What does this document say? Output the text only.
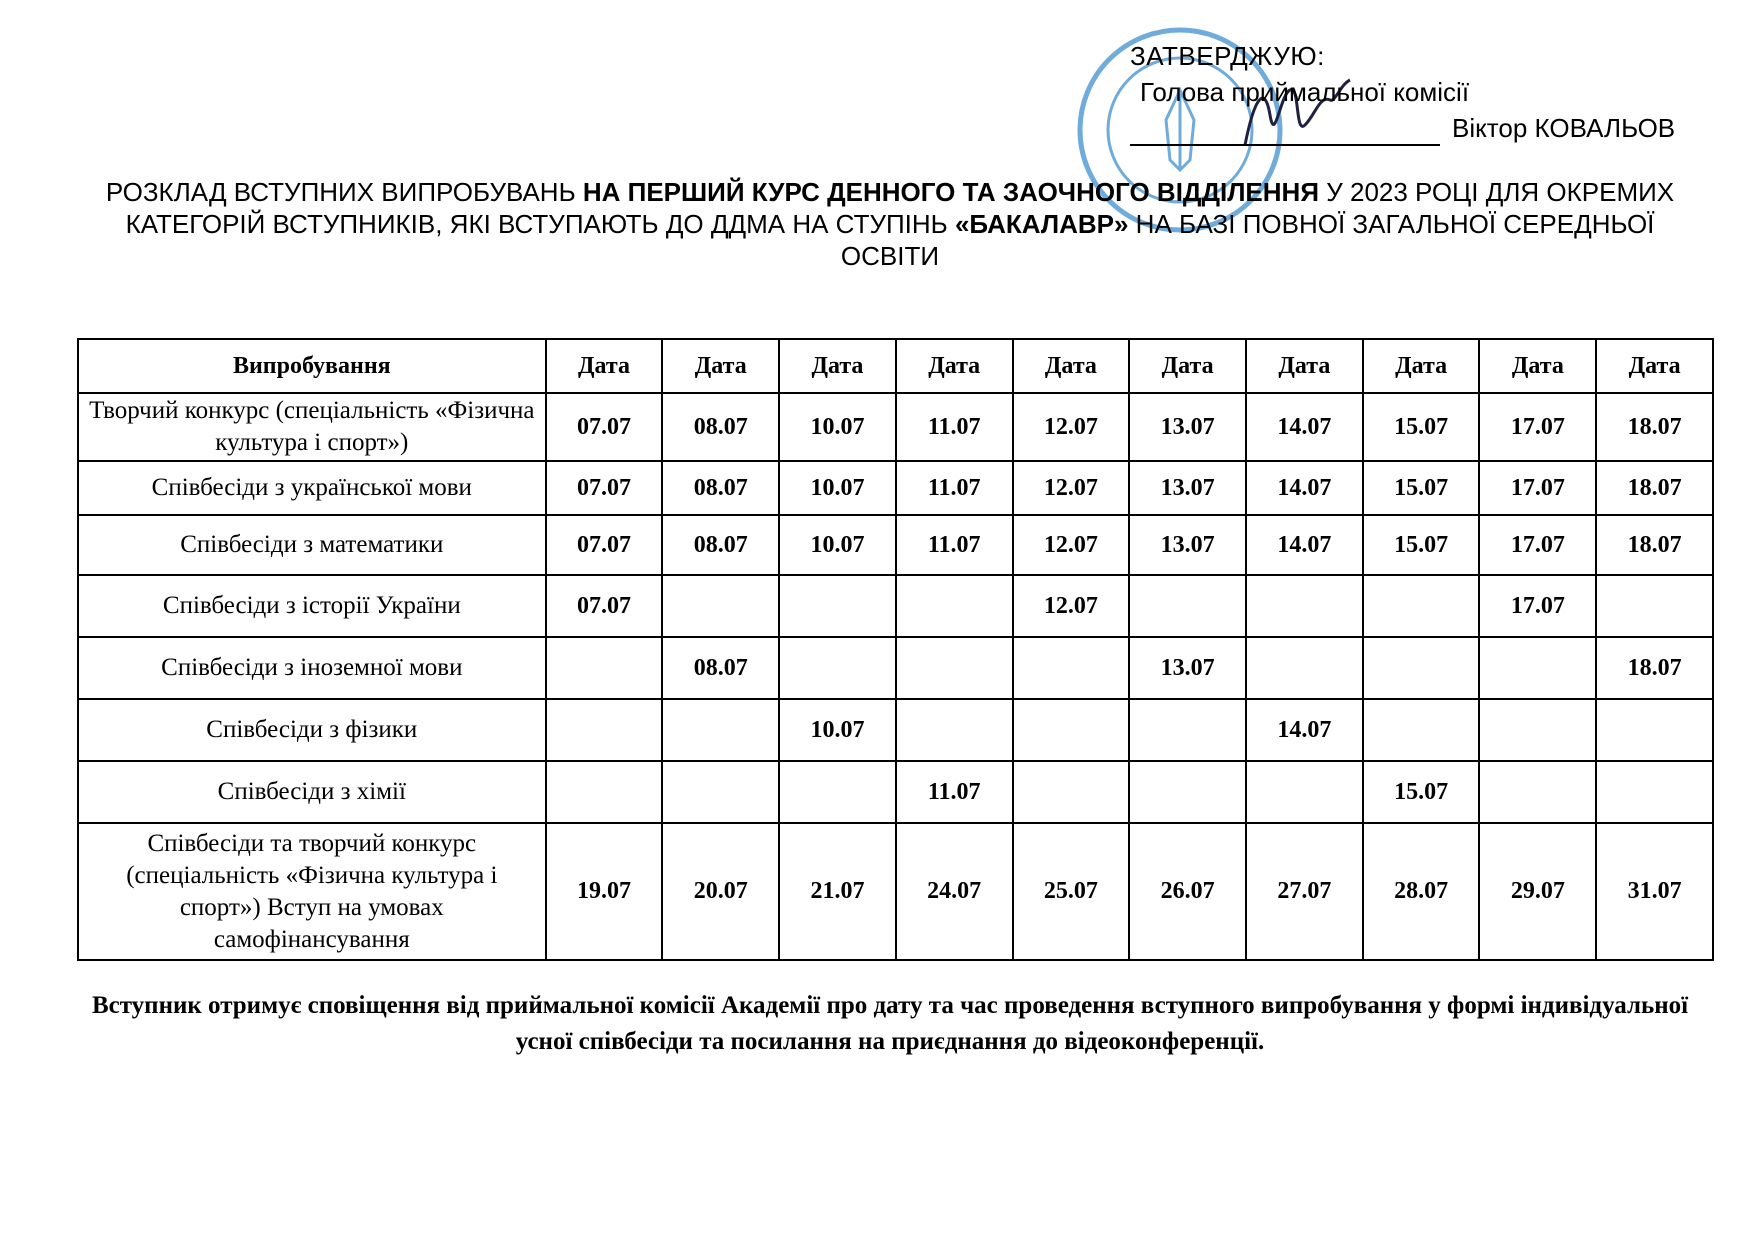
ЗАТВЕРДЖУЮ:
Голова приймальної комісії
Віктор КОВАЛЬОВ
РОЗКЛАД ВСТУПНИХ ВИПРОБУВАНЬ НА ПЕРШИЙ КУРС ДЕННОГО ТА ЗАОЧНОГО ВІДДІЛЕННЯ У 2023 РОЦІ ДЛЯ ОКРЕМИХ КАТЕГОРІЙ ВСТУПНИКІВ, ЯКІ ВСТУПАЮТЬ ДО ДДМА НА СТУПІНЬ «БАКАЛАВР» НА БАЗІ ПОВНОЇ ЗАГАЛЬНОЇ СЕРЕДНЬОЇ ОСВІТИ
Випробування	Дата	Дата	Дата	Дата	Дата	Дата	Дата	Дата	Дата	Дата
Творчий конкурс (спеціальність «Фізична культура і спорт»)	07.07	08.07	10.07	11.07	12.07	13.07	14.07	15.07	17.07	18.07
Співбесіди з української мови	07.07	08.07	10.07	11.07	12.07	13.07	14.07	15.07	17.07	18.07
Співбесіди з математики	07.07	08.07	10.07	11.07	12.07	13.07	14.07	15.07	17.07	18.07
Співбесіди з історії України	07.07				12.07				17.07	
Співбесіди з іноземної мови		08.07				13.07				18.07
Співбесіди з фізики			10.07				14.07			
Співбесіди з хімії				11.07				15.07		
Співбесіди та творчий конкурс (спеціальність «Фізична культура і спорт») Вступ на умовах самофінансування	19.07	20.07	21.07	24.07	25.07	26.07	27.07	28.07	29.07	31.07
Вступник отримує сповіщення від приймальної комісії Академії про дату та час проведення вступного випробування у формі індивідуальної усної співбесіди та посилання на приєднання до відеоконференції.
